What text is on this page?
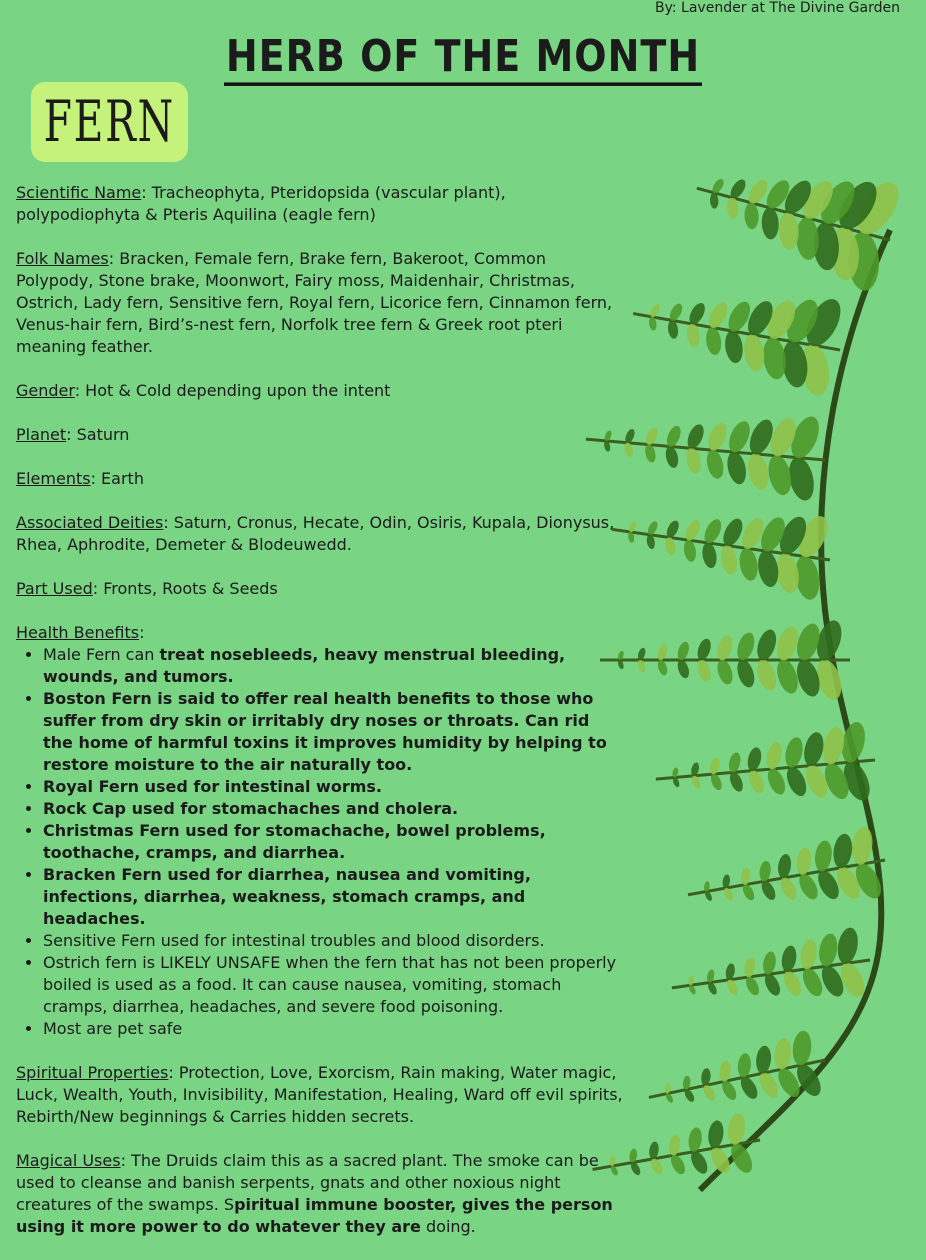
By: Lavender at The Divine Garden
HERB OF THE MONTH
FERN

Scientific Name: Tracheophyta, Pteridopsida (vascular plant), polypodiophyta & Pteris Aquilina (eagle fern)

Folk Names: Bracken, Female fern, Brake fern, Bakeroot, Common Polypody, Stone brake, Moonwort, Fairy moss, Maidenhair, Christmas, Ostrich, Lady fern, Sensitive fern, Royal fern, Licorice fern, Cinnamon fern, Venus-hair fern, Bird’s-nest fern, Norfolk tree fern & Greek root pteri meaning feather.

Gender: Hot & Cold depending upon the intent

Planet: Saturn

Elements: Earth

Associated Deities: Saturn, Cronus, Hecate, Odin, Osiris, Kupala, Dionysus, Rhea, Aphrodite, Demeter & Blodeuwedd.

Part Used: Fronts, Roots & Seeds

Health Benefits:

• Male Fern can treat nosebleeds, heavy menstrual bleeding, wounds, and tumors.
• Boston Fern is said to offer real health benefits to those who suffer from dry skin or irritably dry noses or throats. Can rid the home of harmful toxins it improves humidity by helping to restore moisture to the air naturally too.
• Royal Fern used for intestinal worms.
• Rock Cap used for stomachaches and cholera.
• Christmas Fern used for stomachache, bowel problems, toothache, cramps, and diarrhea.
• Bracken Fern used for diarrhea, nausea and vomiting, infections, diarrhea, weakness, stomach cramps, and headaches.
• Sensitive Fern used for intestinal troubles and blood disorders.
• Ostrich fern is LIKELY UNSAFE when the fern that has not been properly boiled is used as a food. It can cause nausea, vomiting, stomach cramps, diarrhea, headaches, and severe food poisoning.
• Most are pet safe

Spiritual Properties: Protection, Love, Exorcism, Rain making, Water magic, Luck, Wealth, Youth, Invisibility, Manifestation, Healing, Ward off evil spirits, Rebirth/New beginnings & Carries hidden secrets.

Magical Uses: The Druids claim this as a sacred plant. The smoke can be used to cleanse and banish serpents, gnats and other noxious night creatures of the swamps. Spiritual immune booster, gives the person using it more power to do whatever they are doing.
